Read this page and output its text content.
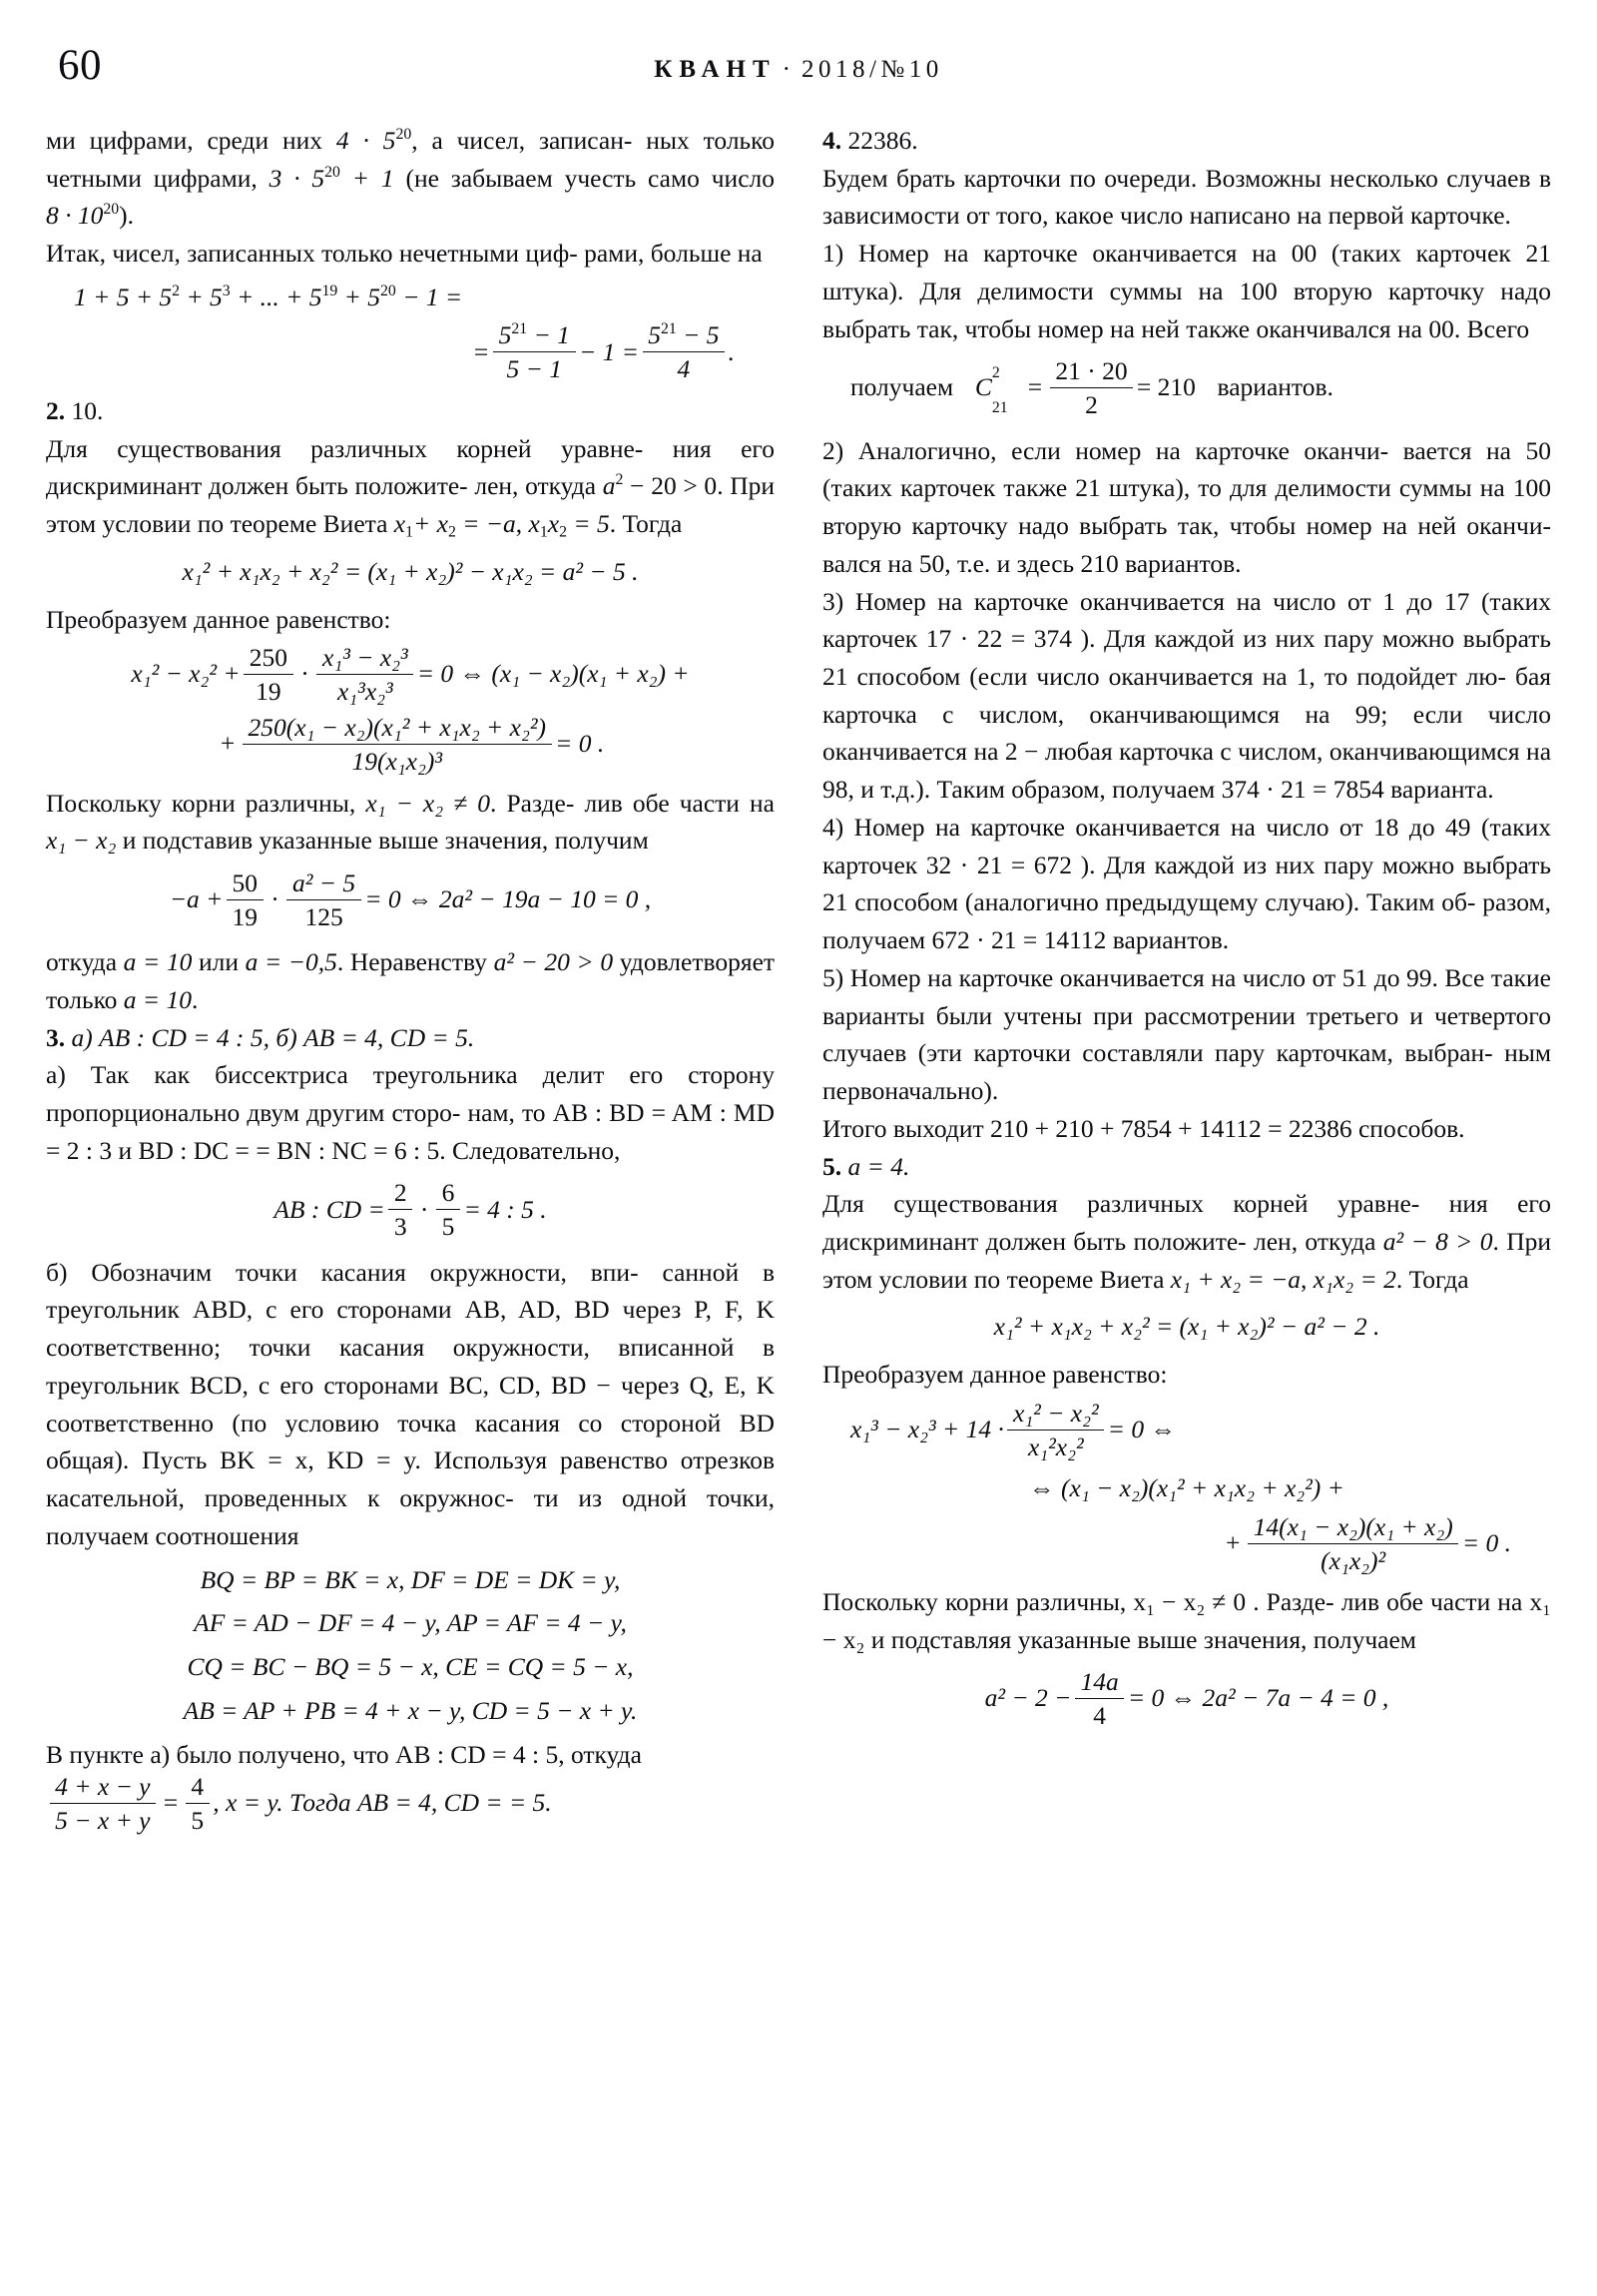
60	КВАНТ · 2018/№10

ми цифрами, среди них $4 \cdot 5^{20}$, а чисел, записан- ных только четными цифрами, $3 \cdot 5^{20} + 1$ (не забываем учесть само число $8 \cdot 10^{20}$).

Итак, чисел, записанных только нечетными циф- рами, больше на

$1 + 5 + 5^2 + 5^3$ + ... + $5^{19} + 5^{20} - 1$ =
= $\frac{5^{21} - 1}{5 - 1} - 1 = \frac{5^{21} - 5}{4}$ .

2. 10.

Для существования различных корней уравне- ния его дискриминант должен быть положите- лен, откуда $a^2 - 20 > 0$. При этом условии по теореме Виета $x_1+ x_2 = -a$, $x_1x_2 = 5$. Тогда

x₁² + x₁x₂ + x₂² = (x₁ + x₂)² − x₁x₂ = a² − 5 .

Преобразуем данное равенство:

$x_1^2 - x_2^2 + \frac{250}{19} \cdot \frac{\text{x₁³ − x₂³}}{\text{x₁³x₂³}} = 0$ ⇔ (x₁ − x₂)(x₁ + x₂) +
+ $\frac{\text{250(x₁ − x₂)(x₁² + x₁x₂ + x₂²)}}{\text{19(x₁x₂)³}} = 0$ .

Поскольку корни различны, x₁ − x₂ ≠ 0. Разде- лив обе части на x₁ − x₂ и подставив указанные выше значения, получим

$-a + \frac{50}{19} \cdot \frac{\text{a² − 5}}{125} = 0$ ⇔ 2a² − 19a − 10 = 0 ,

откуда a = 10 или a = −0,5. Неравенству a² − 20 > 0 удовлетворяет только a = 10.

3. а) AB : CD = 4 : 5, б) AB = 4, CD = 5.

а) Так как биссектриса треугольника делит его сторону пропорционально двум другим сторо- нам, то AB : BD = AM : MD = 2 : 3 и BD : DC = = BN : NC = 6 : 5. Следовательно,

AB : CD = $\frac{2}{3} \cdot \frac{6}{5} = 4$ : 5 .

б) Обозначим точки касания окружности, впи- санной в треугольник ABD, с его сторонами AB, AD, BD через P, F, K соответственно; точки касания окружности, вписанной в треугольник BCD, с его сторонами BC, CD, BD − через Q, E, K соответственно (по условию точка касания со стороной BD общая). Пусть BK = x, KD = y. Используя равенство отрезков касательной, проведенных к окружнос- ти из одной точки, получаем соотношения

BQ = BP = BK = x, DF = DE = DK = y,
AF = AD − DF = 4 − y, AP = AF = 4 − y,
CQ = BC − BQ = 5 − x, CE = CQ = 5 − x,
AB = AP + PB = 4 + x − y, CD = 5 − x + y.

В пункте а) было получено, что AB : CD = 4 : 5, откуда
$\frac{4 + x - y}{5 - x + y} = \frac{4}{5}$ , x = y. Тогда AB = 4, CD = = 5.

4. 22386.

Будем брать карточки по очереди. Возможны несколько случаев в зависимости от того, какое число написано на первой карточке.

1) Номер на карточке оканчивается на 00 (таких карточек 21 штука). Для делимости суммы на 100 вторую карточку надо выбрать так, чтобы номер на ней также оканчивался на 00. Всего

получаем C
2
21
= $\frac{21 \cdot 20}{2} = 210$ вариантов.

2) Аналогично, если номер на карточке оканчи- вается на 50 (таких карточек также 21 штука), то для делимости суммы на 100 вторую карточку надо выбрать так, чтобы номер на ней оканчи- вался на 50, т.е. и здесь 210 вариантов.

3) Номер на карточке оканчивается на число от 1 до 17 (таких карточек 17 · 22 = 374 ). Для каждой из них пару можно выбрать 21 способом (если число оканчивается на 1, то подойдет лю- бая карточка с числом, оканчивающимся на 99; если число оканчивается на 2 − любая карточка с числом, оканчивающимся на 98, и т.д.). Таким образом, получаем 374 · 21 = 7854 варианта.

4) Номер на карточке оканчивается на число от 18 до 49 (таких карточек 32 · 21 = 672 ). Для каждой из них пару можно выбрать 21 способом (аналогично предыдущему случаю). Таким об- разом, получаем 672 · 21 = 14112 вариантов.

5) Номер на карточке оканчивается на число от 51 до 99. Все такие варианты были учтены при рассмотрении третьего и четвертого случаев (эти карточки составляли пару карточкам, выбран- ным первоначально).

Итого выходит 210 + 210 + 7854 + 14112 = 22386 способов.

5. a = 4.

Для существования различных корней уравне- ния его дискриминант должен быть положите- лен, откуда a² − 8 > 0. При этом условии по теореме Виета x₁ + x₂ = −a, x₁x₂ = 2. Тогда

x₁² + x₁x₂ + x₂² = (x₁ + x₂)² − a² − 2 .

Преобразуем данное равенство:

$x_1^3 - x_2^3 + 14 \cdot \frac{\text{x₁² − x₂²}}{\text{x₁²x₂²}} = 0$ ⇔
⇔ (x₁ − x₂)(x₁² + x₁x₂ + x₂²) +
+ $\frac{\text{14(x₁ − x₂)(x₁ + x₂)}}{\text{(x₁x₂)²}} = 0$ .

Поскольку корни различны, x₁ − x₂ ≠ 0 . Разде- лив обе части на x₁ − x₂ и подставляя указанные выше значения, получаем

$a^2 - 2 - \frac{14a}{4} = 0$ ⇔ 2a² − 7a − 4 = 0 ,
